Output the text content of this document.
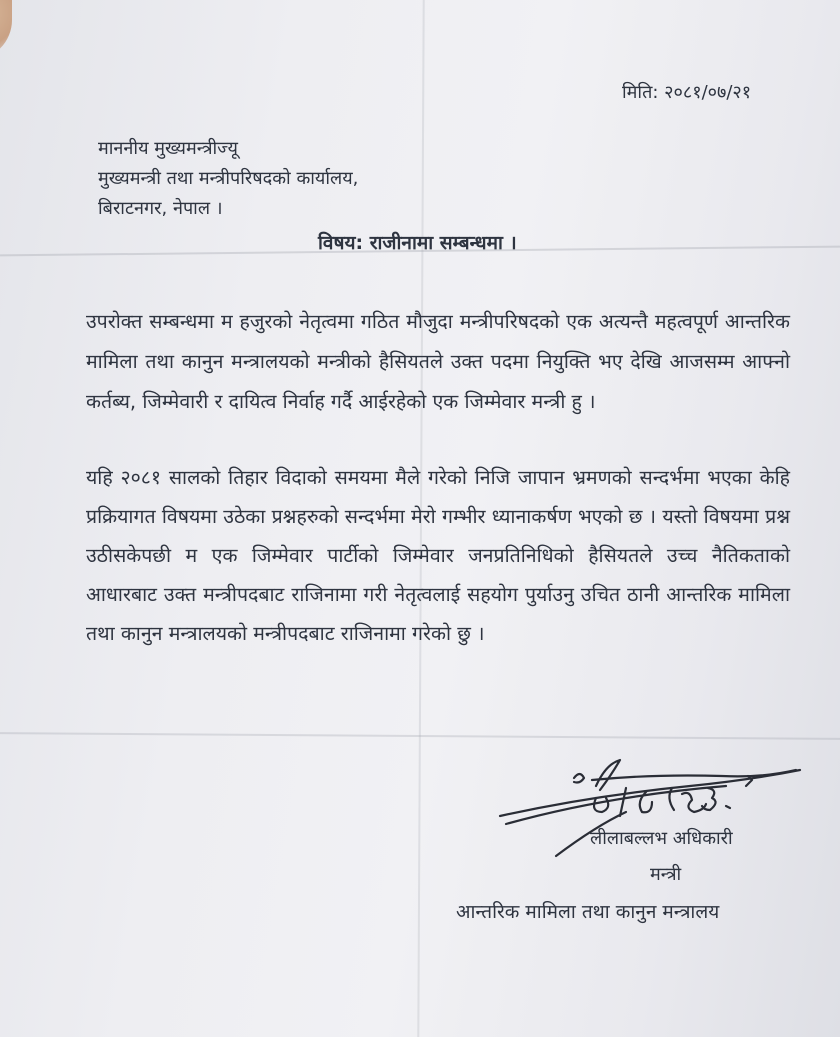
मिति: २०८१/०७/२१

माननीय मुख्यमन्त्रीज्यू

मुख्यमन्त्री तथा मन्त्रीपरिषदको कार्यालय,

बिराटनगर, नेपाल ।

विषय: राजीनामा सम्बन्धमा ।

उपरोक्त सम्बन्धमा म हजुरको नेतृत्वमा गठित मौजुदा मन्त्रीपरिषदको एक अत्यन्तै महत्वपूर्ण आन्तरिक मामिला तथा कानुन मन्त्रालयको मन्त्रीको हैसियतले उक्त पदमा नियुक्ति भए देखि आजसम्म आफ्नो कर्तब्य, जिम्मेवारी र दायित्व निर्वाह गर्दै आईरहेको एक जिम्मेवार मन्त्री हु ।

यहि २०८१ सालको तिहार विदाको समयमा मैले गरेको निजि जापान भ्रमणको सन्दर्भमा भएका केहि प्रक्रियागत विषयमा उठेका प्रश्नहरुको सन्दर्भमा मेरो गम्भीर ध्यानाकर्षण भएको छ । यस्तो विषयमा प्रश्न उठीसकेपछी म एक जिम्मेवार पार्टीको जिम्मेवार जनप्रतिनिधिको हैसियतले उच्च नैतिकताको आधारबाट उक्त मन्त्रीपदबाट राजिनामा गरी नेतृत्वलाई सहयोग पुर्याउनु उचित ठानी आन्तरिक मामिला तथा कानुन मन्त्रालयको मन्त्रीपदबाट राजिनामा गरेको छु ।

लीलाबल्लभ अधिकारी

मन्त्री

आन्तरिक मामिला तथा कानुन मन्त्रालय
